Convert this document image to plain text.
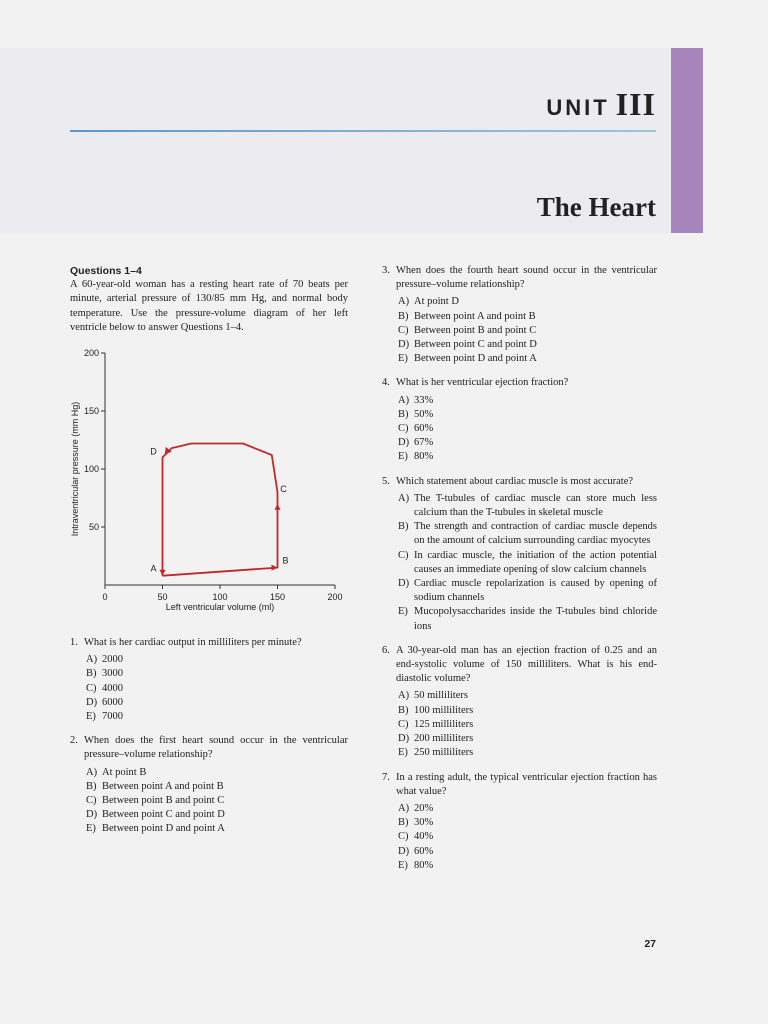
UNIT III
The Heart

Questions 1–4

A 60-year-old woman has a resting heart rate of 70 beats per minute, arterial pressure of 130/85 mm Hg, and normal body temperature. Use the pressure-volume diagram of her left ventricle below to answer Questions 1–4.

0	50	100	150	200
50
100
150
200
Left ventricular volume (ml)
Intraventricular pressure (mm Hg)
A
B
C
D
1. What is her cardiac output in milliliters per minute?
A) 2000
B) 3000
C) 4000
D) 6000
E) 7000
2. When does the first heart sound occur in the ventricular pressure–volume relationship?
A) At point B
B) Between point A and point B
C) Between point B and point C
D) Between point C and point D
E) Between point D and point A
3. When does the fourth heart sound occur in the ventricular pressure–volume relationship?
A) At point D
B) Between point A and point B
C) Between point B and point C
D) Between point C and point D
E) Between point D and point A
4. What is her ventricular ejection fraction?
A) 33%
B) 50%
C) 60%
D) 67%
E) 80%
5. Which statement about cardiac muscle is most accurate?
A) The T-tubules of cardiac muscle can store much less calcium than the T-tubules in skeletal muscle
B) The strength and contraction of cardiac muscle depends on the amount of calcium surrounding cardiac myocytes
C) In cardiac muscle, the initiation of the action potential causes an immediate opening of slow calcium channels
D) Cardiac muscle repolarization is caused by opening of sodium channels
E) Mucopolysaccharides inside the T-tubules bind chloride ions
6. A 30-year-old man has an ejection fraction of 0.25 and an end-systolic volume of 150 milliliters. What is his end-diastolic volume?
A) 50 milliliters
B) 100 milliliters
C) 125 milliliters
D) 200 milliliters
E) 250 milliliters
7. In a resting adult, the typical ventricular ejection fraction has what value?
A) 20%
B) 30%
C) 40%
D) 60%
E) 80%
27
